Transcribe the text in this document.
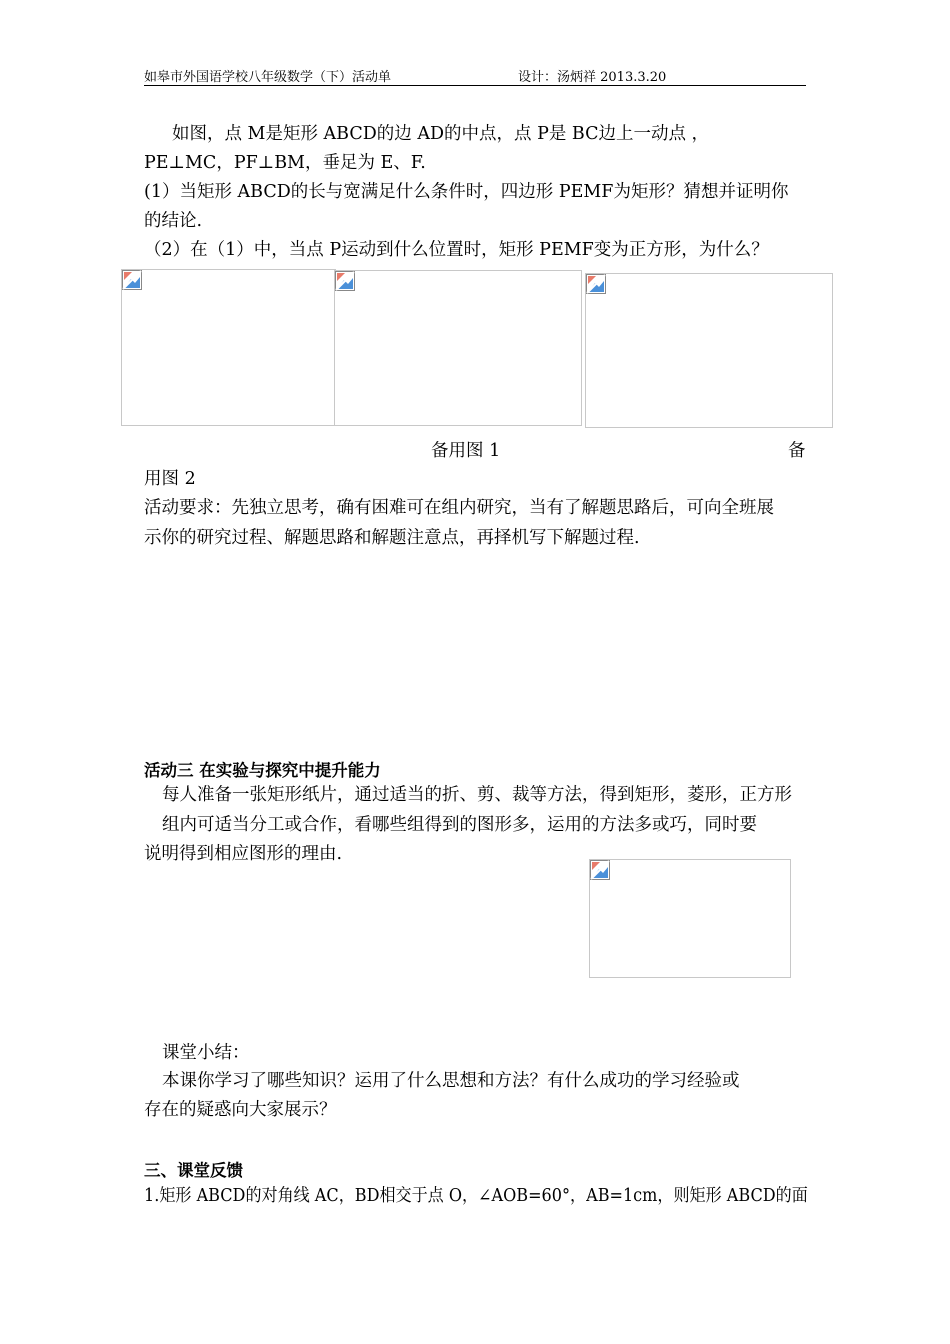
如皋市外国语学校八年级数学（下）活动单	设计：汤炳祥 2013.3.20
如图，点 M是矩形 ABCD的边 AD的中点，点 P是 BC边上一动点 ，
PE⊥MC，PF⊥BM，垂足为 E、F.
(1）当矩形 ABCD的长与宽满足什么条件时，四边形 PEMF为矩形？猜想并证明你
的结论.
（2）在（1）中，当点 P运动到什么位置时，矩形 PEMF变为正方形，为什么？
备用图 1	备
用图 2
活动要求：先独立思考，确有困难可在组内研究，当有了解题思路后，可向全班展
示你的研究过程、解题思路和解题注意点，再择机写下解题过程.
活动三 在实验与探究中提升能力
每人准备一张矩形纸片，通过适当的折、剪、裁等方法，得到矩形，菱形，正方形
组内可适当分工或合作，看哪些组得到的图形多，运用的方法多或巧，同时要
说明得到相应图形的理由.
课堂小结：
本课你学习了哪些知识？运用了什么思想和方法？有什么成功的学习经验或
存在的疑惑向大家展示？
三、课堂反馈
1.矩形 ABCD的对角线 AC，BD相交于点 O，∠AOB=60°，AB=1cm，则矩形 ABCD的面
